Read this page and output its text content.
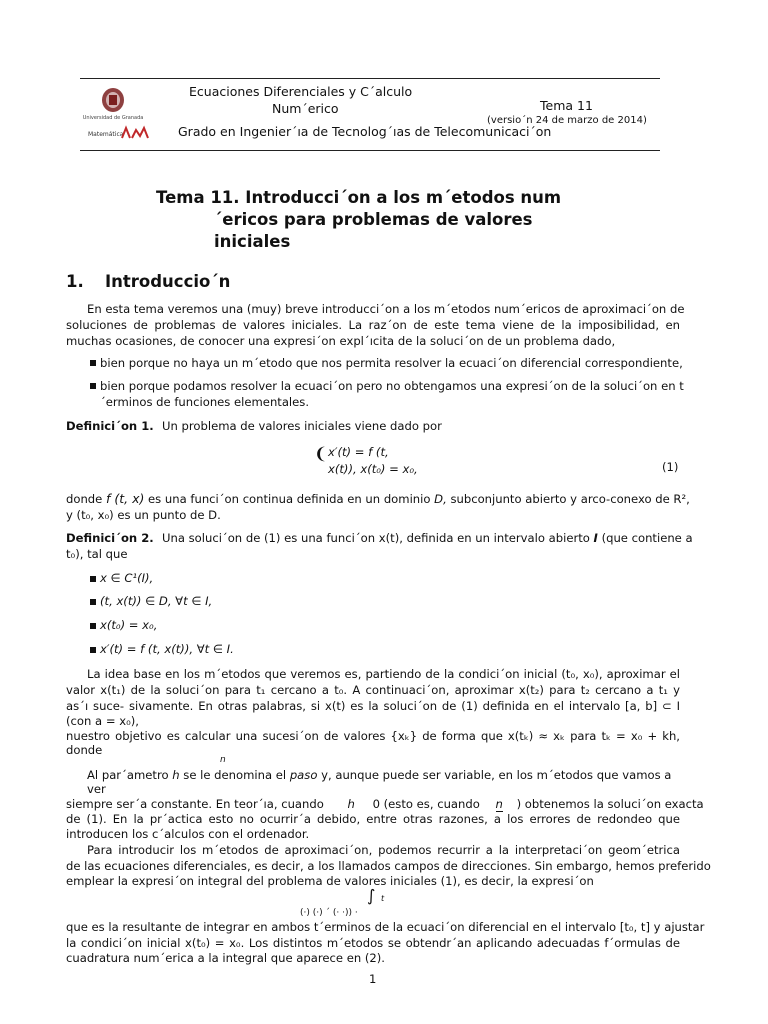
Universidad de Granada
Matemática
Ecuaciones Diferenciales y C´alculo
Num´erico	Tema 11
(versio´n 24 de marzo de 2014)
Grado en Ingenier´ıa de Tecnolog´ıas de Telecomunicaci´on
Tema 11. Introducci´on a los m´etodos num
´ericos para problemas de valores
iniciales
1. Introduccio´n
En esta tema veremos una (muy) breve introducci´on a los m´etodos num´ericos de aproximaci´on de
soluciones de problemas de valores iniciales. La raz´on de este tema viene de la imposibilidad, en
muchas ocasiones, de conocer una expresi´on expl´ıcita de la soluci´on de un problema dado,
bien porque no haya un m´etodo que nos permita resolver la ecuaci´on diferencial correspondiente,
bien porque podamos resolver la ecuaci´on pero no obtengamos una expresi´on de la soluci´on en t
´erminos de funciones elementales.
Definici´on 1. Un problema de valores iniciales viene dado por
❨ x′(t) = f (t,
x(t)), x(t₀) = x₀,	(1)
donde f (t, x) es una funci´on continua definida en un dominio D, subconjunto abierto y arco-conexo de R²,
y (t₀, x₀) es un punto de D.
Definici´on 2. Una soluci´on de (1) es una funci´on x(t), definida en un intervalo abierto I (que contiene a
t₀), tal que
x ∈ C¹(I),
(t, x(t)) ∈ D, ∀t ∈ I,
x(t₀) = x₀,
x′(t) = f (t, x(t)), ∀t ∈ I.
La idea base en los m´etodos que veremos es, partiendo de la condici´on inicial (t₀, x₀), aproximar el
valor x(t₁) de la soluci´on para t₁ cercano a t₀. A continuaci´on, aproximar x(t₂) para t₂ cercano a t₁ y
as´ı suce- sivamente. En otras palabras, si x(t) es la soluci´on de (1) definida en el intervalo [a, b] ⊂ I
(con a = x₀),
nuestro objetivo es calcular una sucesi´on de valores {xₖ} de forma que x(tₖ) ≈ xₖ para tₖ = x₀ + kh,
donde
n
Al par´ametro h se le denomina el paso y, aunque puede ser variable, en los m´etodos que vamos a
ver
siempre ser´a constante. En teor´ıa, cuando h 0 (esto es, cuando n ) obtenemos la soluci´on exacta
de (1). En la pr´actica esto no ocurrir´a debido, entre otras razones, a los errores de redondeo que
introducen los c´alculos con el ordenador.
Para introducir los m´etodos de aproximaci´on, podemos recurrir a la interpretaci´on geom´etrica
de las ecuaciones diferenciales, es decir, a los llamados campos de direcciones. Sin embargo, hemos preferido
emplear la expresi´on integral del problema de valores iniciales (1), es decir, la expresi´on
∫ t
(·) (·) ´ (· ·)) ·
que es la resultante de integrar en ambos t´erminos de la ecuaci´on diferencial en el intervalo [t₀, t] y ajustar
la condici´on inicial x(t₀) = x₀. Los distintos m´etodos se obtendr´an aplicando adecuadas f´ormulas de
cuadratura num´erica a la integral que aparece en (2).
1
